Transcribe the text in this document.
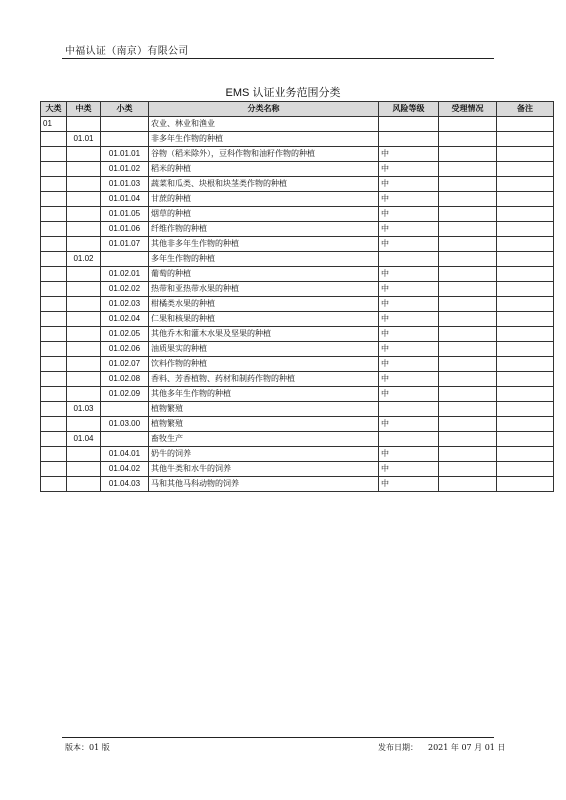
中福认证（南京）有限公司
EMS 认证业务范围分类
大类	中类	小类	分类名称	风险等级	受理情况	备注
01			农业、林业和渔业			
	01.01		非多年生作物的种植			
		01.01.01	谷物（稻米除外），豆科作物和油籽作物的种植	中		
		01.01.02	稻米的种植	中		
		01.01.03	蔬菜和瓜类、块根和块茎类作物的种植	中		
		01.01.04	甘蔗的种植	中		
		01.01.05	烟草的种植	中		
		01.01.06	纤维作物的种植	中		
		01.01.07	其他非多年生作物的种植	中		
	01.02		多年生作物的种植			
		01.02.01	葡萄的种植	中		
		01.02.02	热带和亚热带水果的种植	中		
		01.02.03	柑橘类水果的种植	中		
		01.02.04	仁果和核果的种植	中		
		01.02.05	其他乔木和灌木水果及坚果的种植	中		
		01.02.06	油质果实的种植	中		
		01.02.07	饮料作物的种植	中		
		01.02.08	香料、芳香植物、药材和制药作物的种植	中		
		01.02.09	其他多年生作物的种植	中		
	01.03		植物繁殖			
		01.03.00	植物繁殖	中		
	01.04		畜牧生产			
		01.04.01	奶牛的饲养	中		
		01.04.02	其他牛类和水牛的饲养	中		
		01.04.03	马和其他马科动物的饲养	中		
版本：01 版	发布日期： 2021 年 07 月 01 日
